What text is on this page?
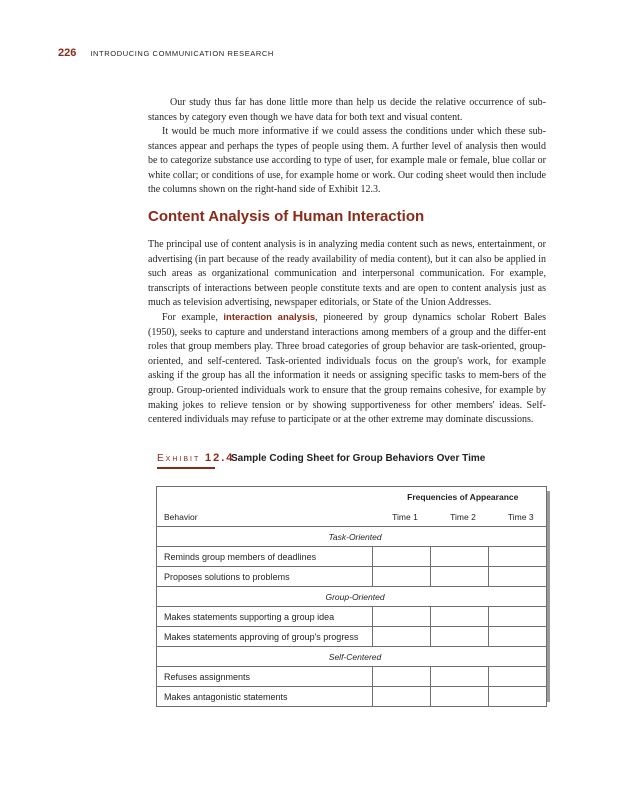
226 INTRODUCING COMMUNICATION RESEARCH

Our study thus far has done little more than help us decide the relative occurrence of sub-stances by category even though we have data for both text and visual content.

It would be much more informative if we could assess the conditions under which these sub-stances appear and perhaps the types of people using them. A further level of analysis then would be to categorize substance use according to type of user, for example male or female, blue collar or white collar; or conditions of use, for example home or work. Our coding sheet would then include the columns shown on the right-hand side of Exhibit 12.3.

Content Analysis of Human Interaction

The principal use of content analysis is in analyzing media content such as news, entertainment, or advertising (in part because of the ready availability of media content), but it can also be applied in such areas as organizational communication and interpersonal communication. For example, transcripts of interactions between people constitute texts and are open to content analysis just as much as television advertising, newspaper editorials, or State of the Union Addresses.

For example, interaction analysis, pioneered by group dynamics scholar Robert Bales (1950), seeks to capture and understand interactions among members of a group and the differ-ent roles that group members play. Three broad categories of group behavior are task-oriented, group-oriented, and self-centered. Task-oriented individuals focus on the group's work, for example asking if the group has all the information it needs or assigning specific tasks to mem-bers of the group. Group-oriented individuals work to ensure that the group remains cohesive, for example by making jokes to relieve tension or by showing supportiveness for other members' ideas. Self-centered individuals may refuse to participate or at the other extreme may dominate discussions.

Exhibit 12.4
Sample Coding Sheet for Group Behaviors Over Time
	Frequencies of Appearance		
Behavior	Time 1	Time 2	Time 3
Task-Oriented			
Reminds group members of deadlines			
Proposes solutions to problems			
Group-Oriented			
Makes statements supporting a group idea			
Makes statements approving of group's progress			
Self-Centered			
Refuses assignments			
Makes antagonistic statements			
